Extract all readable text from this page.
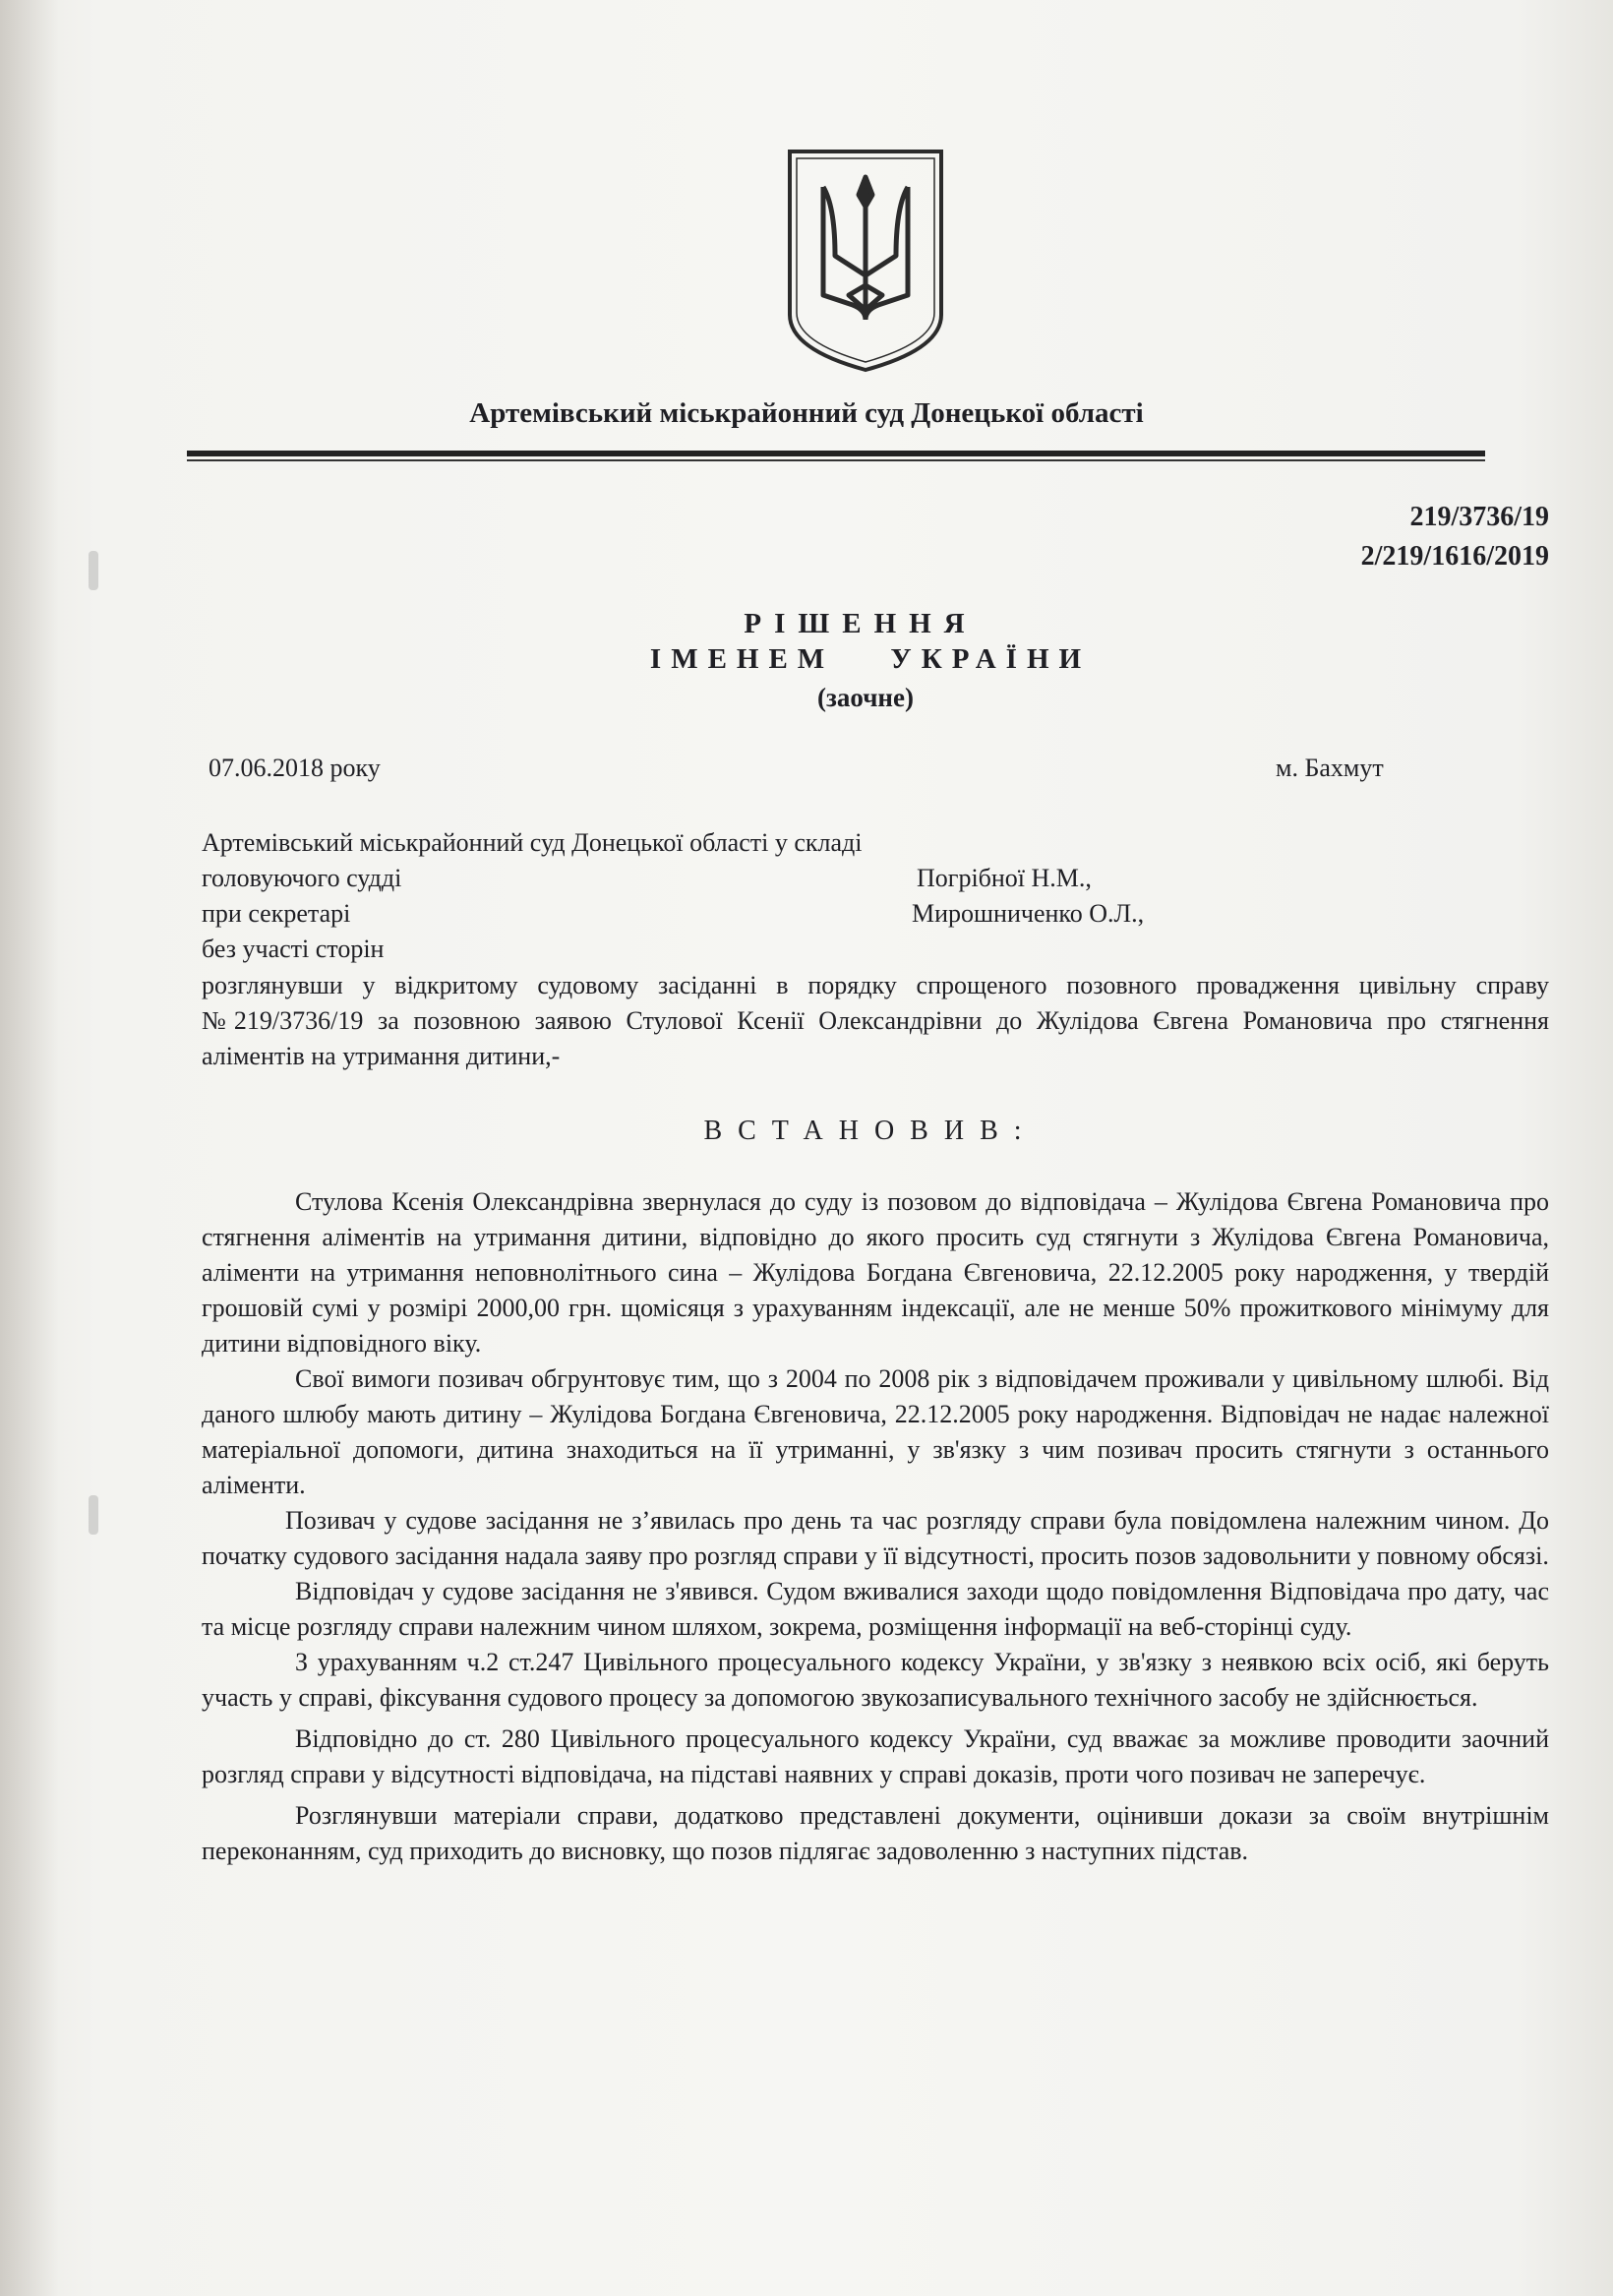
Артемівський міськрайонний суд Донецької області
219/3736/19
2/219/1616/2019
РІШЕННЯ
ІМЕНЕМ УКРАЇНИ
(заочне)
07.06.2018 року	м. Бахмут
Артемівський міськрайонний суд Донецької області у складі
головуючого судді	Погрібної Н.М.,
при секретарі	Мирошниченко О.Л.,
без участі сторін

розглянувши у відкритому судовому засіданні в порядку спрощеного позовного провадження цивільну справу №219/3736/19 за позовною заявою Стулової Ксенії Олександрівни до Жулідова Євгена Романовича про стягнення аліментів на утримання дитини,-

ВСТАНОВИВ:

Стулова Ксенія Олександрівна звернулася до суду із позовом до відповідача – Жулідова Євгена Романовича про стягнення аліментів на утримання дитини, відповідно до якого просить суд стягнути з Жулідова Євгена Романовича, аліменти на утримання неповнолітнього сина – Жулідова Богдана Євгеновича, 22.12.2005 року народження, у твердій грошовій сумі у розмірі 2000,00 грн. щомісяця з урахуванням індексації, але не менше 50% прожиткового мінімуму для дитини відповідного віку.

Свої вимоги позивач обгрунтовує тим, що з 2004 по 2008 рік з відповідачем проживали у цивільному шлюбі. Від даного шлюбу мають дитину – Жулідова Богдана Євгеновича, 22.12.2005 року народження. Відповідач не надає належної матеріальної допомоги, дитина знаходиться на її утриманні, у зв'язку з чим позивач просить стягнути з останнього аліменти.

Позивач у судове засідання не з’явилась про день та час розгляду справи була повідомлена належним чином. До початку судового засідання надала заяву про розгляд справи у її відсутності, просить позов задовольнити у повному обсязі.

Відповідач у судове засідання не з'явився. Судом вживалися заходи щодо повідомлення Відповідача про дату, час та місце розгляду справи належним чином шляхом, зокрема, розміщення інформації на веб-сторінці суду.

З урахуванням ч.2 ст.247 Цивільного процесуального кодексу України, у зв'язку з неявкою всіх осіб, які беруть участь у справі, фіксування судового процесу за допомогою звукозаписувального технічного засобу не здійснюється.

Відповідно до ст. 280 Цивільного процесуального кодексу України, суд вважає за можливе проводити заочний розгляд справи у відсутності відповідача, на підставі наявних у справі доказів, проти чого позивач не заперечує.

Розглянувши матеріали справи, додатково представлені документи, оцінивши докази за своїм внутрішнім переконанням, суд приходить до висновку, що позов підлягає задоволенню з наступних підстав.
